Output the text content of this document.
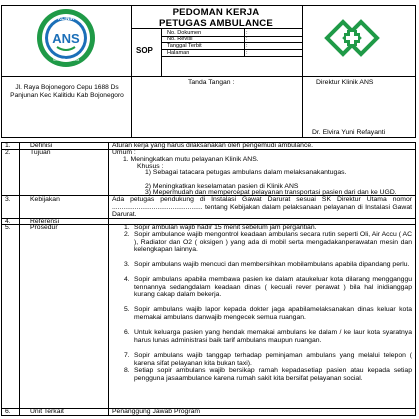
KLINIK
ANS
Sehat Dan Setia
PEDOMAN KERJA PETUGAS AMBULANCE
SOP
No. Dokumen	:
No. Revisi	:
Tanggal Terbit	:
Halaman	:
Jl. Raya Bojonegoro Cepu 1688 Ds Panjunan Kec Kalitidu Kab Bojonegoro
Tanda Tangan :	Direktur Klinik ANS
Dr. Elvira Yuni Refayanti
1.	Definisi	Aturan kerja yang harus dilaksanakan oleh pengemudi ambulance.
2.	Tujuan	Umum :
1. Meningkatkan mutu pelayanan Klinik ANS.
Khusus :
1) Sebagai tatacara petugas ambulans dalam melaksanakantugas.
2) Meningkatkan keselamatan pasien di Klinik ANS
3) Mepermudah dan mempercepat pelayanan transportasi pasien dari dan ke UGD.
3.	Kebijakan	Ada petugas pendukung di Instalasi Gawat Darurat sesuai SK Direktur Utama nomor ................................................ tentang Kebijakan dalam pelaksanaan pelayanan di Instalasi Gawat Darurat.
4.	Referensi
5.	Prosedur	1. Sopir ambulan wajib hadir 15 menit sebelum jam pergantian.
2. Sopir ambulance wajib mengontrol keadaan ambulans secara rutin seperti Oli, Air Accu ( AC ), Radiator dan O2 ( oksigen ) yang ada di mobil serta mengadakanperawatan mesin dan kelengkapan lainnya.
3. Sopir ambulans wajib mencuci dan membersihkan mobilambulans apabila dipandang perlu.
4. Sopir ambulans apabila membawa pasien ke dalam ataukeluar kota dilarang mengganggu tennannya sedangdalam keadaan dinas ( kecuali rever perawat ) bila hal inidianggap kurang cakap dalam bekerja.
5. Sopir ambulans wajib lapor kepada dokter jaga apabilamelaksanakan dinas keluar kota memakai ambulans danwajib mengecek semua ruangan.
6. Untuk keluarga pasien yang hendak memakai ambulans ke dalam / ke laur kota syaratnya harus lunas administrasi baik tarif ambulans maupun ruangan.
7. Sopir ambulans wajib tanggap terhadap peminjaman ambulans yang melalui telepon ( karena sifat pelayanan kita bukan taxi).
8. Setiap sopir ambulans wajib bersikap ramah kepadasetiap pasien atau kepada setiap pengguna jasaambulance karena rumah sakit kita bersifat pelayanan social.
6.	Unit Terkait	Penanggung Jawab Program
